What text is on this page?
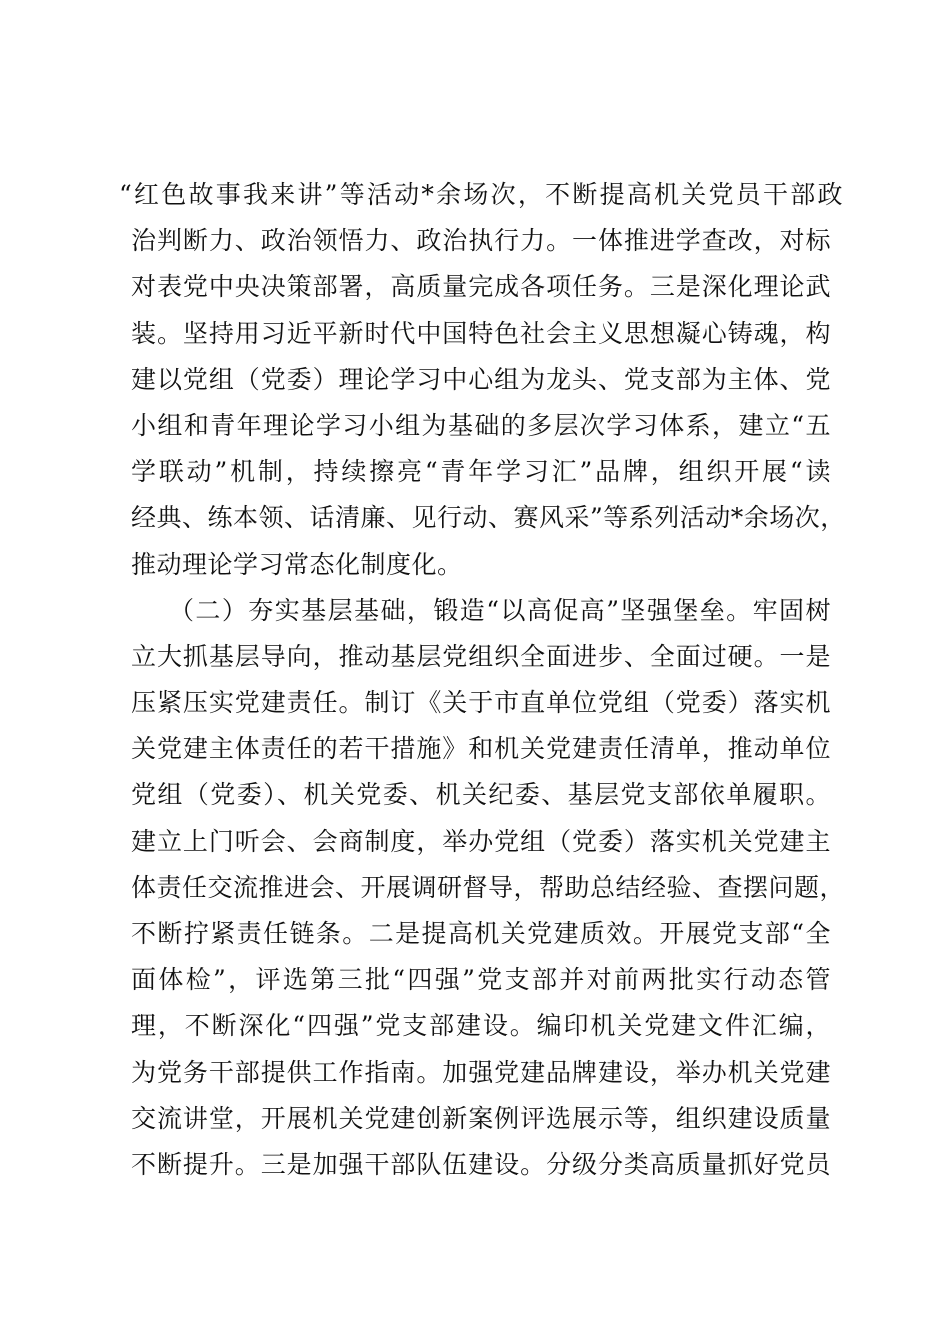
“红色故事我来讲”等活动*余场次，不断提高机关党员干部政
治判断力、政治领悟力、政治执行力。一体推进学查改，对标
对表党中央决策部署，高质量完成各项任务。三是深化理论武
装。坚持用习近平新时代中国特色社会主义思想凝心铸魂，构
建以党组（党委）理论学习中心组为龙头、党支部为主体、党
小组和青年理论学习小组为基础的多层次学习体系，建立“五
学联动”机制，持续擦亮“青年学习汇”品牌，组织开展“读
经典、练本领、话清廉、见行动、赛风采”等系列活动*余场次，
推动理论学习常态化制度化。
（二）夯实基层基础，锻造“以高促高”坚强堡垒。牢固树
立大抓基层导向，推动基层党组织全面进步、全面过硬。一是
压紧压实党建责任。制订《关于市直单位党组（党委）落实机
关党建主体责任的若干措施》和机关党建责任清单，推动单位
党组（党委）、机关党委、机关纪委、基层党支部依单履职。
建立上门听会、会商制度，举办党组（党委）落实机关党建主
体责任交流推进会、开展调研督导，帮助总结经验、查摆问题，
不断拧紧责任链条。二是提高机关党建质效。开展党支部“全
面体检”，评选第三批“四强”党支部并对前两批实行动态管
理，不断深化“四强”党支部建设。编印机关党建文件汇编，
为党务干部提供工作指南。加强党建品牌建设，举办机关党建
交流讲堂，开展机关党建创新案例评选展示等，组织建设质量
不断提升。三是加强干部队伍建设。分级分类高质量抓好党员
